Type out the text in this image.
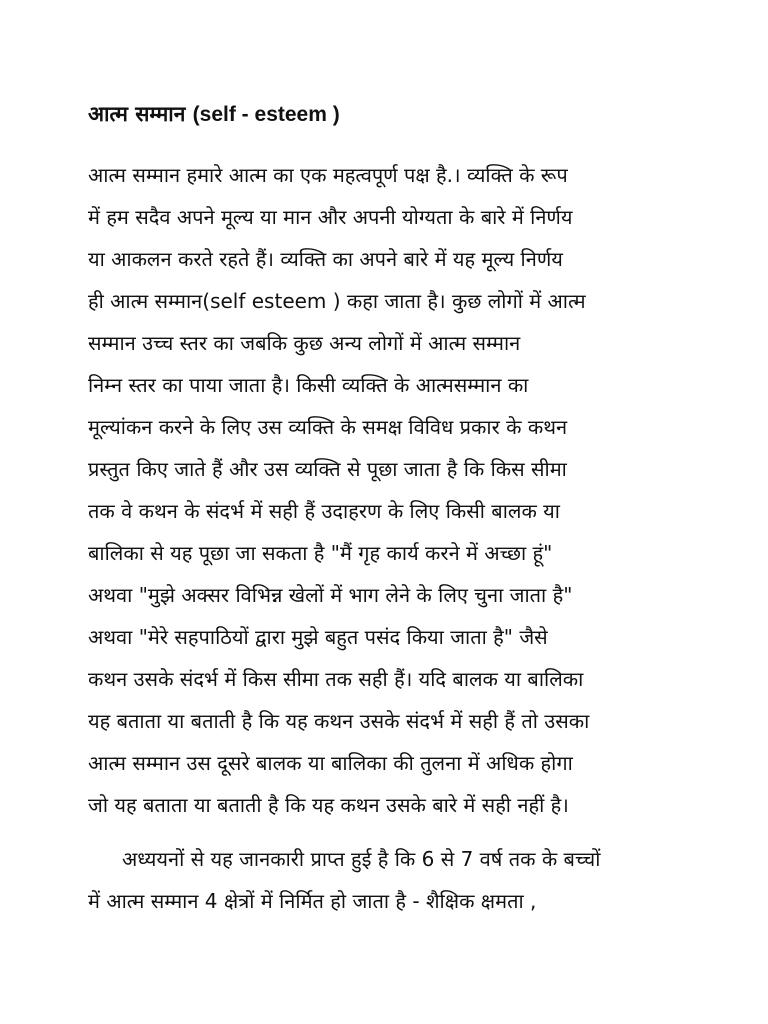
आत्म सम्मान (self - esteem )
आत्म सम्मान हमारे आत्म का एक महत्वपूर्ण पक्ष है.। व्यक्ति के रूप
में हम सदैव अपने मूल्य या मान और अपनी योग्यता के बारे में निर्णय
या आकलन करते रहते हैं। व्यक्ति का अपने बारे में यह मूल्य निर्णय
ही आत्म सम्मान(self esteem ) कहा जाता है। कुछ लोगों में आत्म
सम्मान उच्च स्तर का जबकि कुछ अन्य लोगों में आत्म सम्मान
निम्न स्तर का पाया जाता है। किसी व्यक्ति के आत्मसम्मान का
मूल्यांकन करने के लिए उस व्यक्ति के समक्ष विविध प्रकार के कथन
प्रस्तुत किए जाते हैं और उस व्यक्ति से पूछा जाता है कि किस सीमा
तक वे कथन के संदर्भ में सही हैं उदाहरण के लिए किसी बालक या
बालिका से यह पूछा जा सकता है "मैं गृह कार्य करने में अच्छा हूं"
अथवा "मुझे अक्सर विभिन्न खेलों में भाग लेने के लिए चुना जाता है"
अथवा "मेरे सहपाठियों द्वारा मुझे बहुत पसंद किया जाता है" जैसे
कथन उसके संदर्भ में किस सीमा तक सही हैं। यदि बालक या बालिका
यह बताता या बताती है कि यह कथन उसके संदर्भ में सही हैं तो उसका
आत्म सम्मान उस दूसरे बालक या बालिका की तुलना में अधिक होगा
जो यह बताता या बताती है कि यह कथन उसके बारे में सही नहीं है।
अध्ययनों से यह जानकारी प्राप्त हुई है कि 6 से 7 वर्ष तक के बच्चों
में आत्म सम्मान 4 क्षेत्रों में निर्मित हो जाता है - शैक्षिक क्षमता ,
